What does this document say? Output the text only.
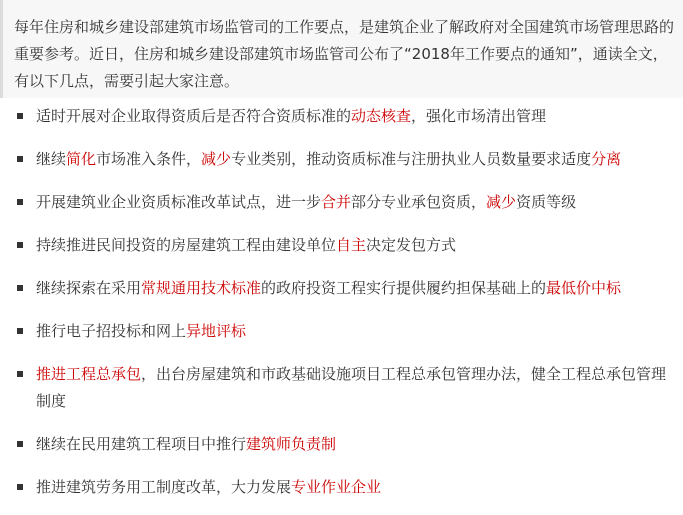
每年住房和城乡建设部建筑市场监管司的工作要点，是建筑企业了解政府对全国建筑市场管理思路的重要参考。近日，住房和城乡建设部建筑市场监管司公布了“2018年工作要点的通知”，通读全文，有以下几点，需要引起大家注意。
适时开展对企业取得资质后是否符合资质标准的动态核查，强化市场清出管理
继续简化市场准入条件，减少专业类别，推动资质标准与注册执业人员数量要求适度分离
开展建筑业企业资质标准改革试点，进一步合并部分专业承包资质，减少资质等级
持续推进民间投资的房屋建筑工程由建设单位自主决定发包方式
继续探索在采用常规通用技术标准的政府投资工程实行提供履约担保基础上的最低价中标
推行电子招投标和网上异地评标
推进工程总承包，出台房屋建筑和市政基础设施项目工程总承包管理办法，健全工程总承包管理制度
继续在民用建筑工程项目中推行建筑师负责制
推进建筑劳务用工制度改革，大力发展专业作业企业
